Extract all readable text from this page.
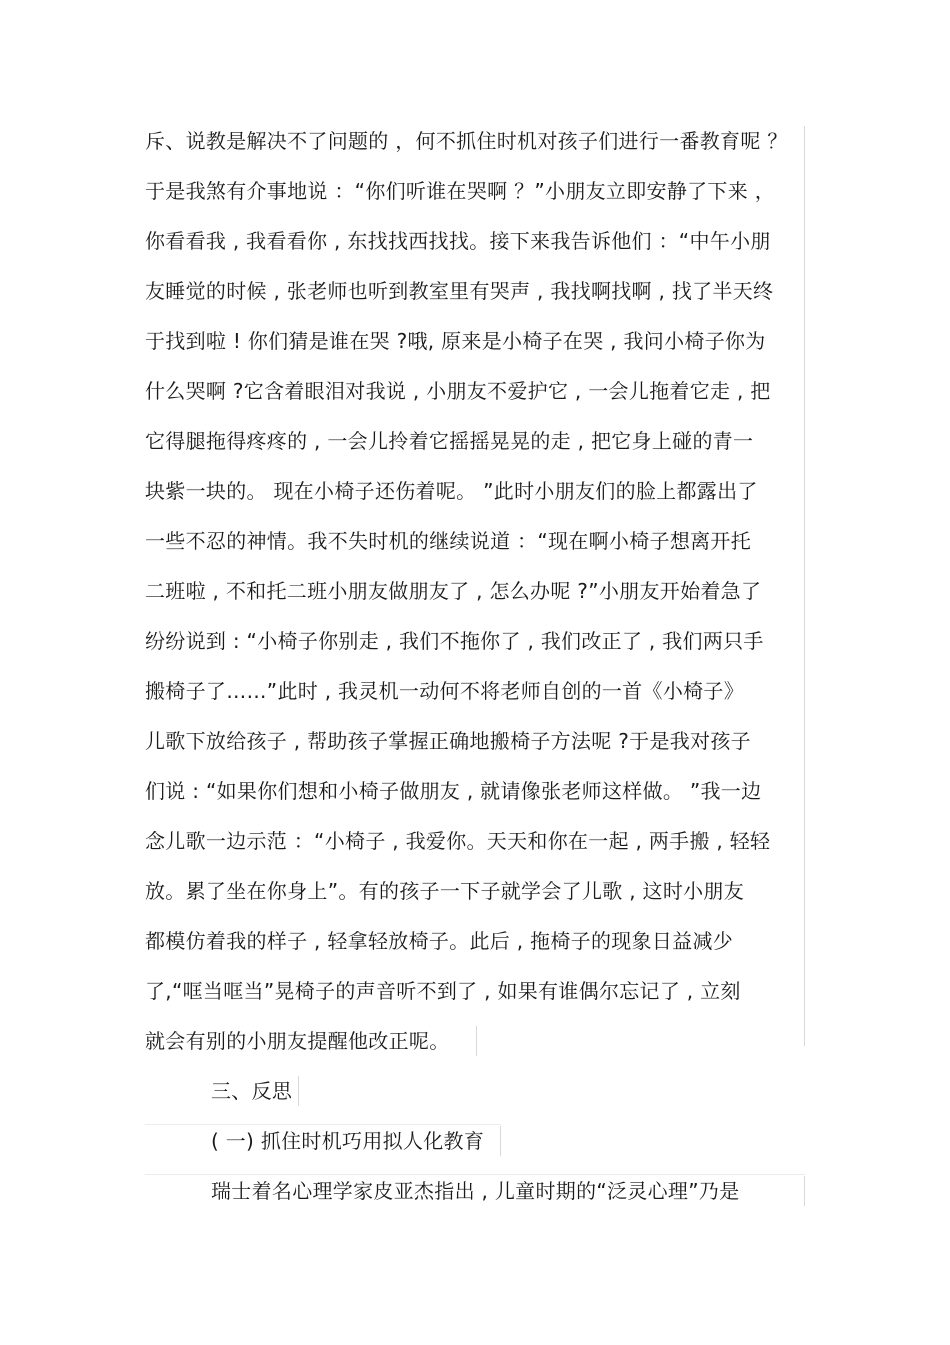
斥、说教是解决不了问题的 ，何不抓住时机对孩子们进行一番教育呢 ？
于是我煞有介事地说 ：“你们听谁在哭啊 ？”小朋友立即安静了下来 ，
你看看我 , 我看看你 , 东找找西找找。接下来我告诉他们 ：“中午小朋
友睡觉的时候 , 张老师也听到教室里有哭声 , 我找啊找啊 , 找了半天终
于找到啦 ! 你们猜是谁在哭 ?哦, 原来是小椅子在哭 , 我问小椅子你为
什么哭啊 ?它含着眼泪对我说 , 小朋友不爱护它 , 一会儿拖着它走 , 把
它得腿拖得疼疼的 , 一会儿拎着它摇摇晃晃的走 , 把它身上碰的青一
块紫一块的。 现在小椅子还伤着呢。 ”此时小朋友们的脸上都露出了
一些不忍的神情。我不失时机的继续说道 ：“现在啊小椅子想离开托
二班啦 , 不和托二班小朋友做朋友了 , 怎么办呢 ?”小朋友开始着急了
纷纷说到 : “小椅子你别走 , 我们不拖你了 , 我们改正了 , 我们两只手
搬椅子了……”此时 , 我灵机一动何不将老师自创的一首《小椅子》
儿歌下放给孩子 , 帮助孩子掌握正确地搬椅子方法呢 ?于是我对孩子
们说 : “如果你们想和小椅子做朋友 , 就请像张老师这样做。 ”我一边
念儿歌一边示范 ：“小椅子 , 我爱你。天天和你在一起 , 两手搬 , 轻轻
放。累了坐在你身上”。有的孩子一下子就学会了儿歌 , 这时小朋友
都模仿着我的样子 , 轻拿轻放椅子。此后 , 拖椅子的现象日益减少
了,“哐当哐当”晃椅子的声音听不到了 , 如果有谁偶尔忘记了 , 立刻
就会有别的小朋友提醒他改正呢。
三、反思
( 一) 抓住时机巧用拟人化教育
瑞士着名心理学家皮亚杰指出 , 儿童时期的“泛灵心理”乃是
